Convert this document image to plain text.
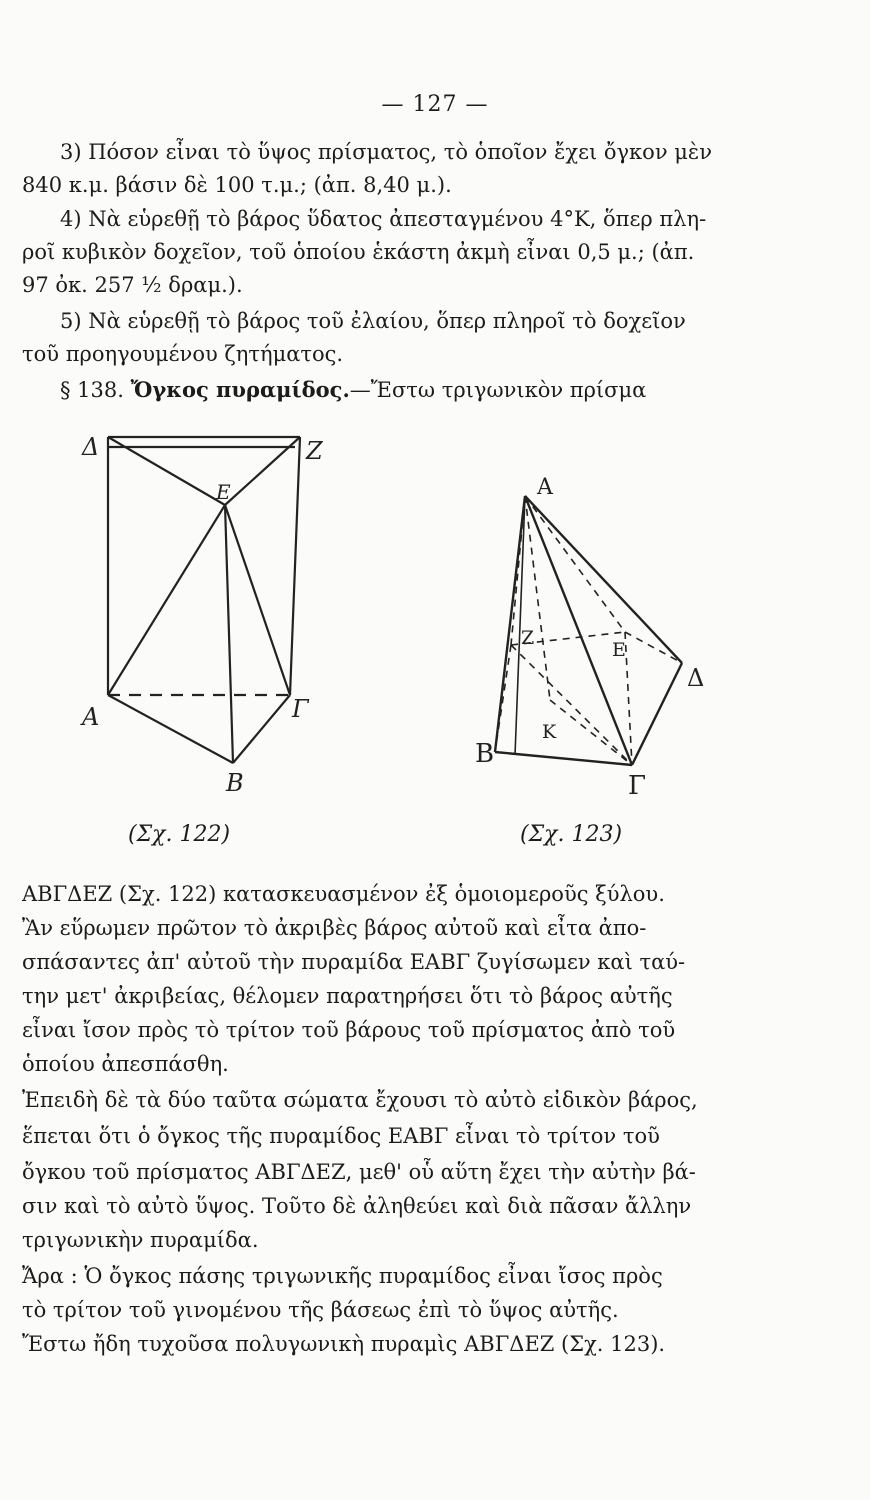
— 127 —
3) Πόσον εἶναι τὸ ὕψος πρίσματος, τὸ ὁποῖον ἔχει ὄγκον μὲν
840 κ.μ. βάσιν δὲ 100 τ.μ.; (ἀπ. 8,40 μ.).
4) Νὰ εὑρεθῇ τὸ βάρος ὕδατος ἀπεσταγμένου 4°Κ, ὅπερ πλη-
ροῖ κυβικὸν δοχεῖον, τοῦ ὁποίου ἑκάστη ἀκμὴ εἶναι 0,5 μ.; (ἀπ.
97 ὀκ. 257 ½ δραμ.).
5) Νὰ εὑρεθῇ τὸ βάρος τοῦ ἐλαίου, ὅπερ πληροῖ τὸ δοχεῖον
τοῦ προηγουμένου ζητήματος.
§ 138. Ὄγκος πυραμίδος.—Ἔστω τριγωνικὸν πρίσμα
Δ	Ζ
Ε
Α	Γ
Β
Α
Ζ
Ε
Δ
Κ
Β
Γ
(Σχ. 122)	(Σχ. 123)
ΑΒΓΔΕΖ (Σχ. 122) κατασκευασμένον ἐξ ὁμοιομεροῦς ξύλου.
Ἂν εὕρωμεν πρῶτον τὸ ἀκριβὲς βάρος αὐτοῦ καὶ εἶτα ἀπο-
σπάσαντες ἀπ' αὐτοῦ τὴν πυραμίδα ΕΑΒΓ ζυγίσωμεν καὶ ταύ-
την μετ' ἀκριβείας, θέλομεν παρατηρήσει ὅτι τὸ βάρος αὐτῆς
εἶναι ἴσον πρὸς τὸ τρίτον τοῦ βάρους τοῦ πρίσματος ἀπὸ τοῦ
ὁποίου ἀπεσπάσθη.
Ἐπειδὴ δὲ τὰ δύο ταῦτα σώματα ἔχουσι τὸ αὐτὸ εἰδικὸν βάρος,
ἕπεται ὅτι ὁ ὄγκος τῆς πυραμίδος ΕΑΒΓ εἶναι τὸ τρίτον τοῦ
ὄγκου τοῦ πρίσματος ΑΒΓΔΕΖ, μεθ' οὗ αὕτη ἔχει τὴν αὐτὴν βά-
σιν καὶ τὸ αὐτὸ ὕψος. Τοῦτο δὲ ἀληθεύει καὶ διὰ πᾶσαν ἄλλην
τριγωνικὴν πυραμίδα.
Ἄρα : Ὁ ὄγκος πάσης τριγωνικῆς πυραμίδος εἶναι ἴσος πρὸς
τὸ τρίτον τοῦ γινομένου τῆς βάσεως ἐπὶ τὸ ὕψος αὐτῆς.
Ἔστω ἤδη τυχοῦσα πολυγωνικὴ πυραμὶς ΑΒΓΔΕΖ (Σχ. 123).
